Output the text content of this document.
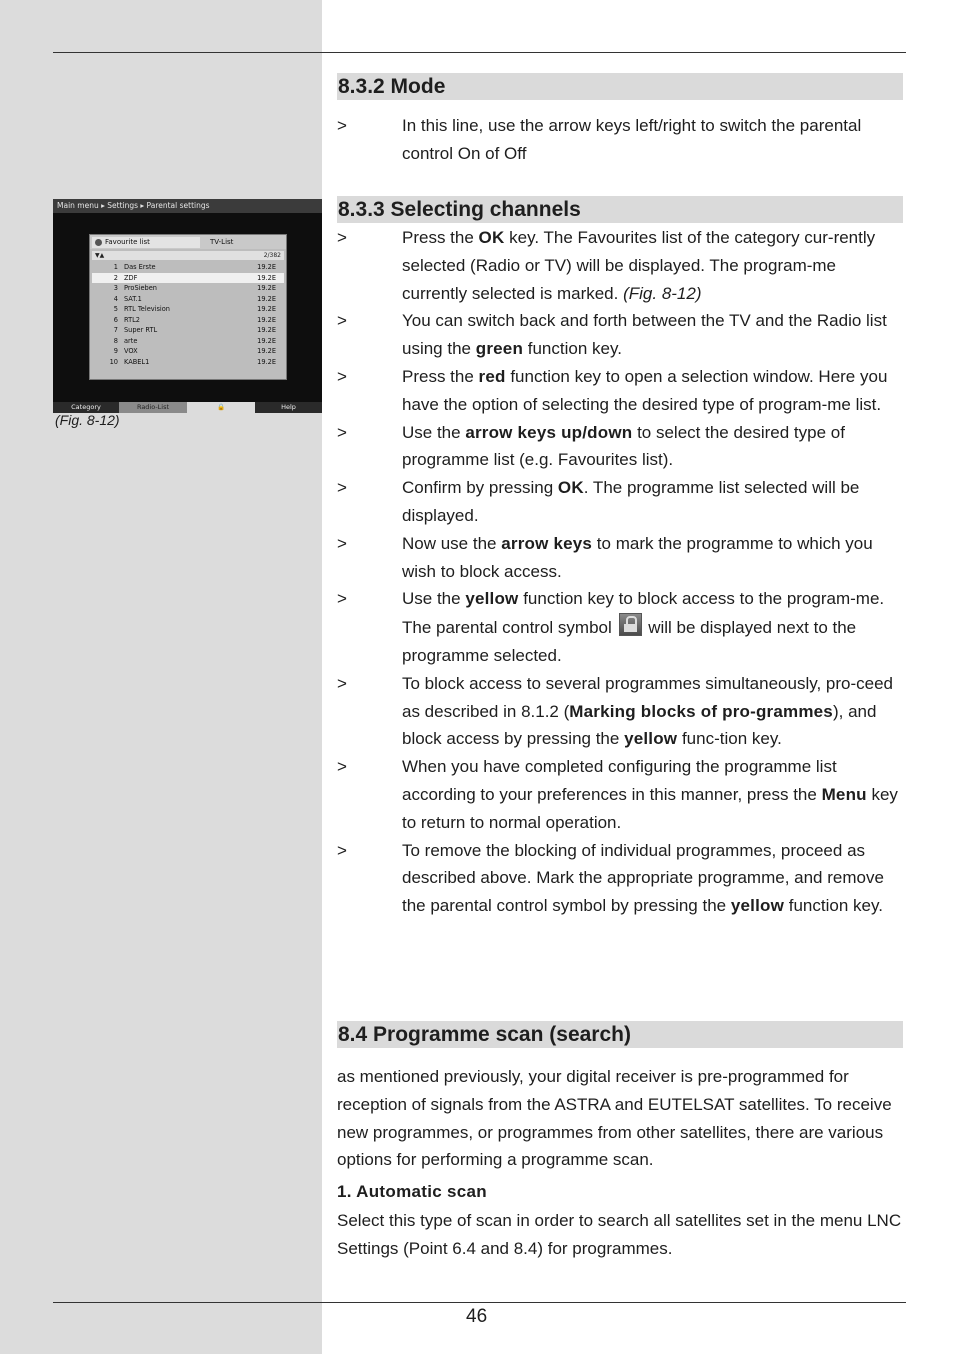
Main menu ▸ Settings ▸ Parental settings
Favourite list	TV-List
▼▲	2/382
1 Das Erste	19.2E
2 ZDF	19.2E
3 ProSieben	19.2E
4 SAT.1	19.2E
5 RTL Television	19.2E
6 RTL2	19.2E
7 Super RTL	19.2E
8 arte	19.2E
9 VOX	19.2E
10 KABEL1	19.2E
Category	Radio-List	🔒	Help
(Fig. 8-12)
8.3.2 Mode
>	In this line, use the arrow keys left/right to switch the parental control On of Off
8.3.3 Selecting channels
>	Press the OK key. The Favourites list of the category cur-rently selected (Radio or TV) will be displayed. The program-me currently selected is marked. (Fig. 8-12)
>	You can switch back and forth between the TV and the Radio list using the green function key.
>	Press the red function key to open a selection window. Here you have the option of selecting the desired type of program-me list.
>	Use the arrow keys up/down to select the desired type of programme list (e.g. Favourites list).
>	Confirm by pressing OK. The programme list selected will be displayed.
>	Now use the arrow keys to mark the programme to which you wish to block access.
>	Use the yellow function key to block access to the program-me. The parental control symbol  will be displayed next to the programme selected.
>	To block access to several programmes simultaneously, pro-ceed as described in 8.1.2 (Marking blocks of pro-grammes), and block access by pressing the yellow func-tion key.
>	When you have completed configuring the programme list according to your preferences in this manner, press the Menu key to return to normal operation.
>	To remove the blocking of individual programmes, proceed as described above. Mark the appropriate programme, and remove the parental control symbol by pressing the yellow function key.
8.4 Programme scan (search)

as mentioned previously, your digital receiver is pre-programmed for reception of signals from the ASTRA and EUTELSAT satellites. To receive new programmes, or programmes from other satellites, there are various options for performing a programme scan.

1. Automatic scan

Select this type of scan in order to search all satellites set in the menu LNC Settings (Point 6.4 and 8.4) for programmes.

46
